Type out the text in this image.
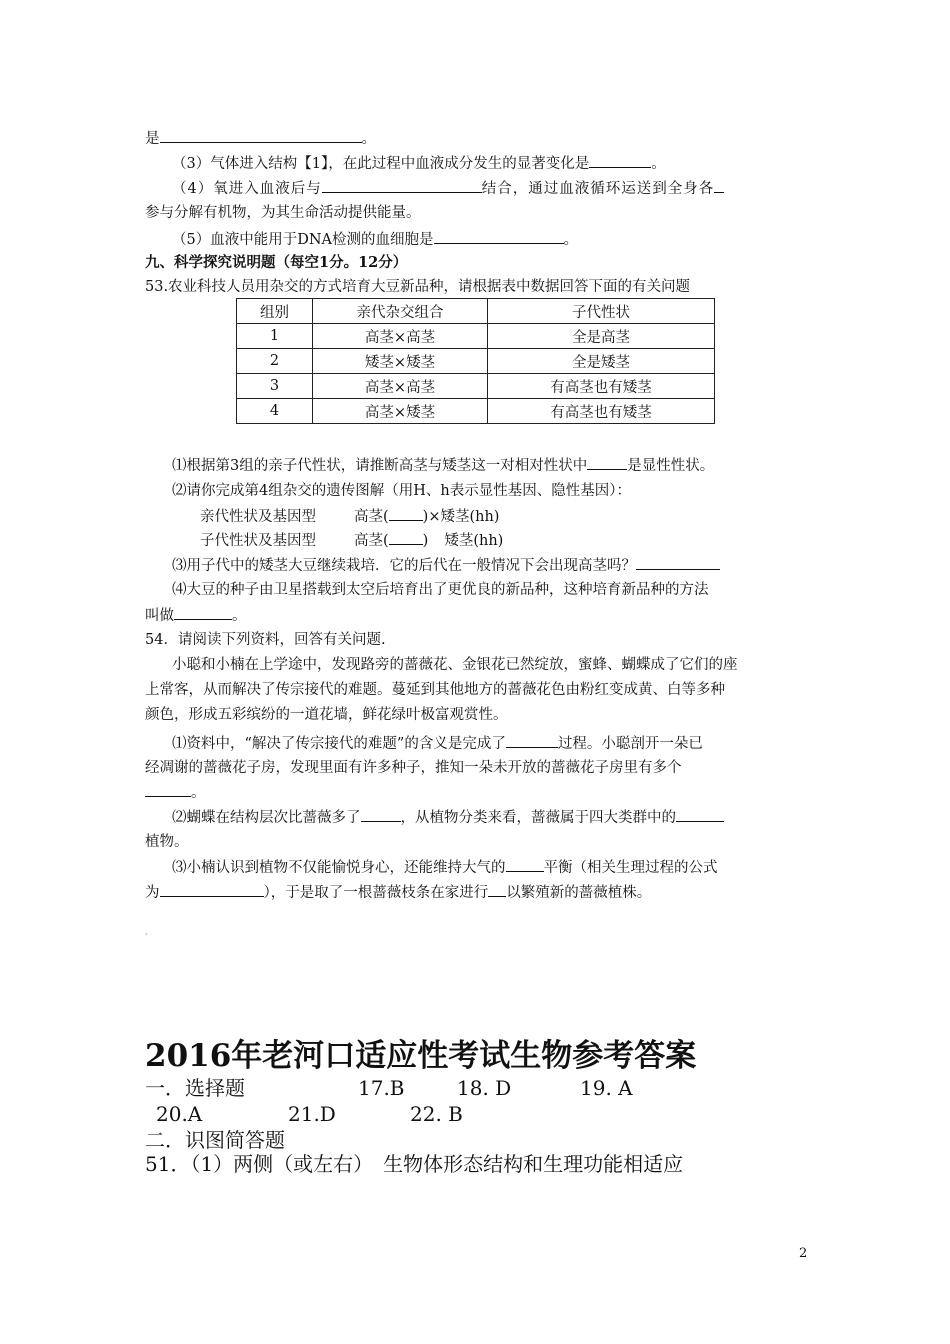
是	。
（3）气体进入结构【1】，在此过程中血液成分发生的显著变化是	。
（4）氧进入血液后与	结合，通过血液循环运送到全身各
参与分解有机物，为其生命活动提供能量。
（5）血液中能用于DNA检测的血细胞是	。
九、科学探究说明题（每空1分。12分）
53.农业科技人员用杂交的方式培育大豆新品种，请根据表中数据回答下面的有关问题
组别	亲代杂交组合	子代性状
1	高茎×高茎	全是高茎
2	矮茎×矮茎	全是矮茎
3	高茎×高茎	有高茎也有矮茎
4	高茎×矮茎	有高茎也有矮茎
⑴根据第3组的亲子代性状，请推断高茎与矮茎这一对相对性状中	是显性性状。
⑵请你完成第4组杂交的遗传图解（用H、h表示显性基因、隐性基因）：
亲代性状及基因型	高茎( )×矮茎(hh)
子代性状及基因型	高茎( ) 矮茎(hh)
⑶用子代中的矮茎大豆继续栽培．它的后代在一般情况下会出现高茎吗？
⑷大豆的种子由卫星搭载到太空后培育出了更优良的新品种，这种培育新品种的方法
叫做	。
54．请阅读下列资料，回答有关问题.
小聪和小楠在上学途中，发现路旁的蔷薇花、金银花已然绽放，蜜蜂、蝴蝶成了它们的座
上常客，从而解决了传宗接代的难题。蔓延到其他地方的蔷薇花色由粉红变成黄、白等多种
颜色，形成五彩缤纷的一道花墙，鲜花绿叶极富观赏性。
⑴资料中，“解决了传宗接代的难题”的含义是完成了	过程。小聪剖开一朵已
经凋谢的蔷薇花子房，发现里面有许多种子，推知一朵未开放的蔷薇花子房里有多个
。
⑵蝴蝶在结构层次比蔷薇多了	，从植物分类来看，蔷薇属于四大类群中的
植物。
⑶小楠认识到植物不仅能愉悦身心，还能维持大气的	平衡（相关生理过程的公式
为	），于是取了一根蔷薇枝条在家进行 以繁殖新的蔷薇植株。
'
2016年老河口适应性考试生物参考答案
一．选择题	17.B	18. D	19. A
20.A	21.D	22. B
二．识图简答题
51．（1）两侧（或左右）　生物体形态结构和生理功能相适应
2
